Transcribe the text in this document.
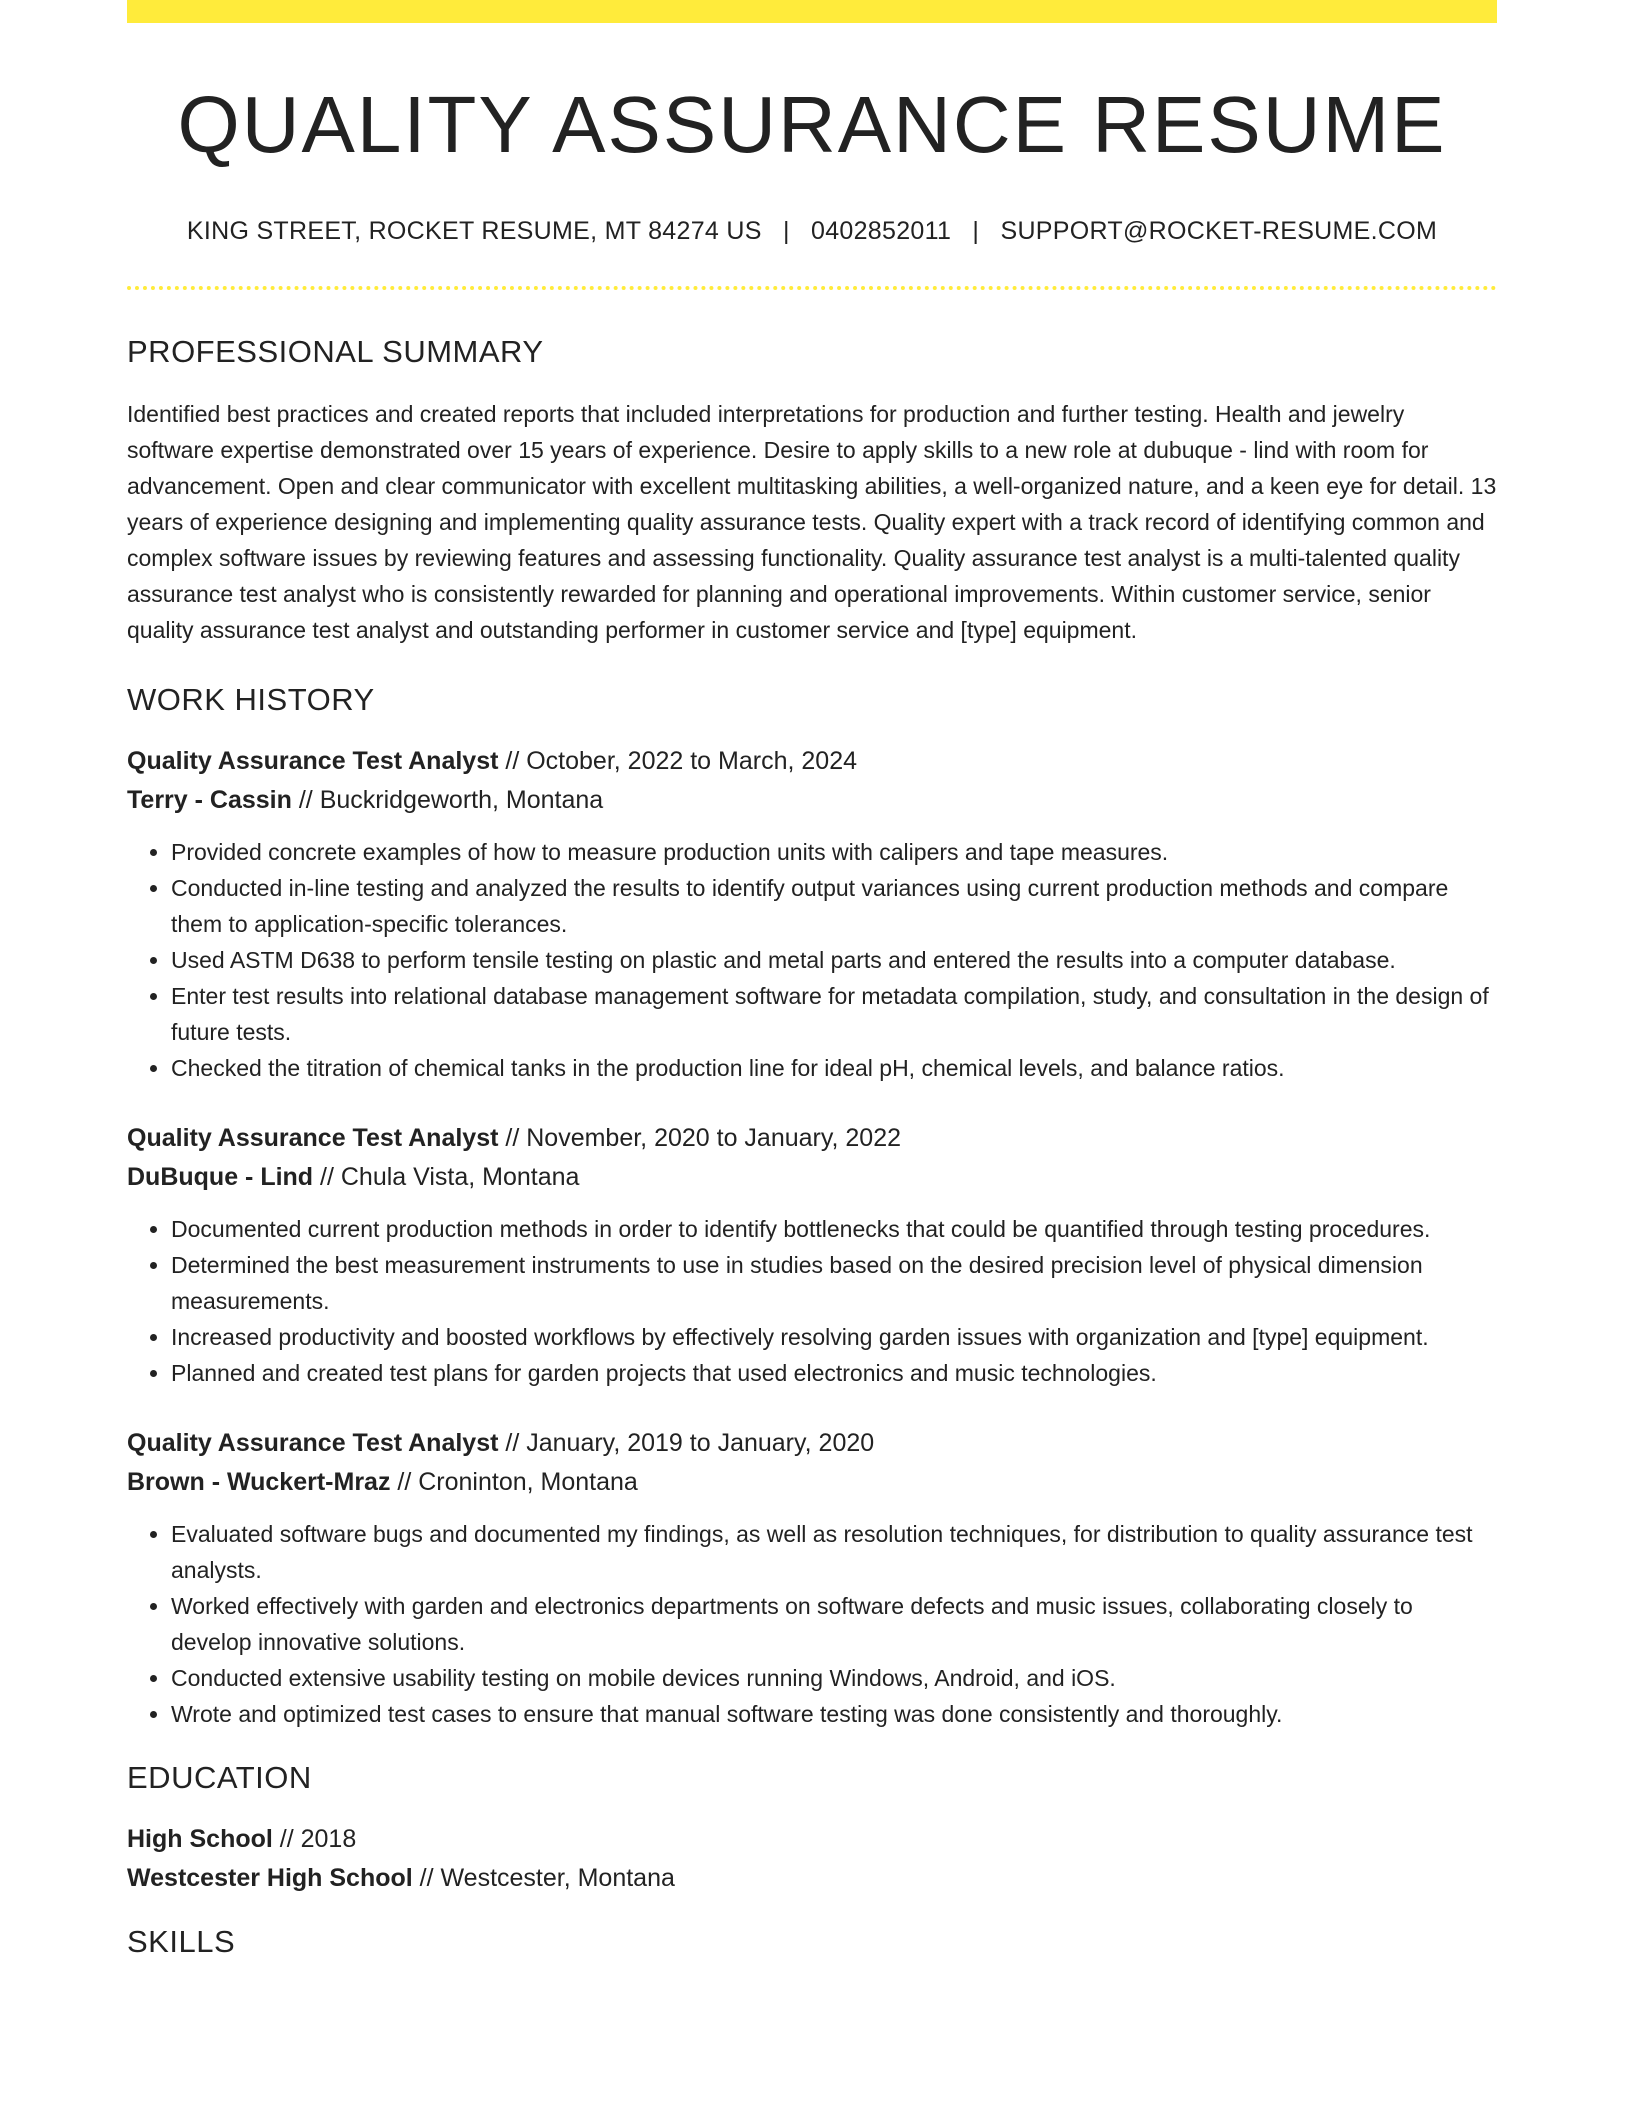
QUALITY ASSURANCE RESUME
KING STREET, ROCKET RESUME, MT 84274 US | 0402852011 | SUPPORT@ROCKET-RESUME.COM
PROFESSIONAL SUMMARY

Identified best practices and created reports that included interpretations for production and further testing. Health and jewelry software expertise demonstrated over 15 years of experience. Desire to apply skills to a new role at dubuque - lind with room for advancement. Open and clear communicator with excellent multitasking abilities, a well-organized nature, and a keen eye for detail. 13 years of experience designing and implementing quality assurance tests. Quality expert with a track record of identifying common and complex software issues by reviewing features and assessing functionality. Quality assurance test analyst is a multi-talented quality assurance test analyst who is consistently rewarded for planning and operational improvements. Within customer service, senior quality assurance test analyst and outstanding performer in customer service and [type] equipment.

WORK HISTORY

Quality Assurance Test Analyst // October, 2022 to March, 2024

Terry - Cassin // Buckridgeworth, Montana

• Provided concrete examples of how to measure production units with calipers and tape measures.
• Conducted in-line testing and analyzed the results to identify output variances using current production methods and compare them to application-specific tolerances.
• Used ASTM D638 to perform tensile testing on plastic and metal parts and entered the results into a computer database.
• Enter test results into relational database management software for metadata compilation, study, and consultation in the design of future tests.
• Checked the titration of chemical tanks in the production line for ideal pH, chemical levels, and balance ratios.

Quality Assurance Test Analyst // November, 2020 to January, 2022

DuBuque - Lind // Chula Vista, Montana

• Documented current production methods in order to identify bottlenecks that could be quantified through testing procedures.
• Determined the best measurement instruments to use in studies based on the desired precision level of physical dimension measurements.
• Increased productivity and boosted workflows by effectively resolving garden issues with organization and [type] equipment.
• Planned and created test plans for garden projects that used electronics and music technologies.

Quality Assurance Test Analyst // January, 2019 to January, 2020

Brown - Wuckert-Mraz // Croninton, Montana

• Evaluated software bugs and documented my findings, as well as resolution techniques, for distribution to quality assurance test analysts.
• Worked effectively with garden and electronics departments on software defects and music issues, collaborating closely to develop innovative solutions.
• Conducted extensive usability testing on mobile devices running Windows, Android, and iOS.
• Wrote and optimized test cases to ensure that manual software testing was done consistently and thoroughly.
EDUCATION

High School // 2018

Westcester High School // Westcester, Montana

SKILLS
